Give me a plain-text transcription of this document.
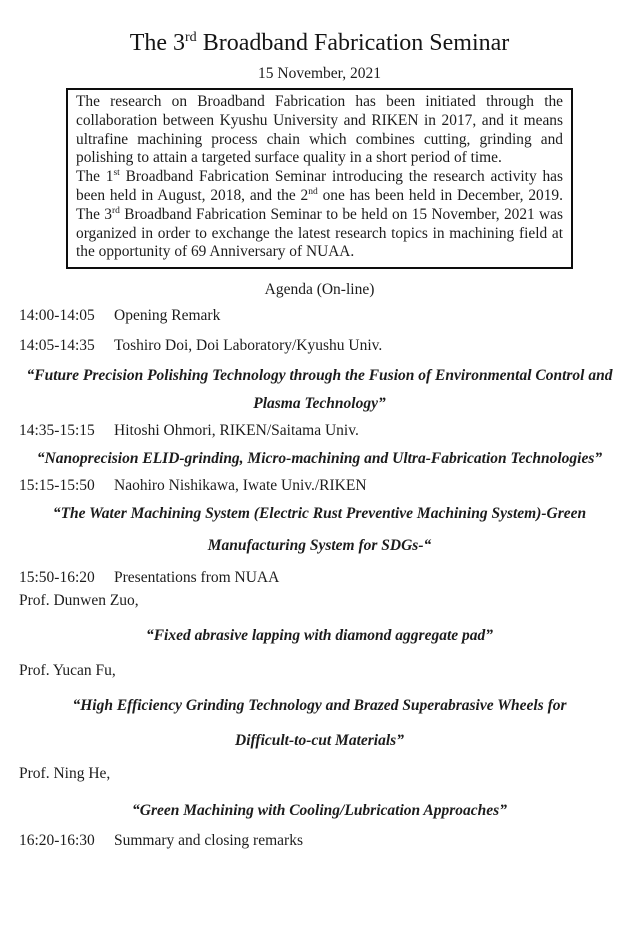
The 3rd Broadband Fabrication Seminar
15 November, 2021

The research on Broadband Fabrication has been initiated through the collaboration between Kyushu University and RIKEN in 2017, and it means ultrafine machining process chain which combines cutting, grinding and polishing to attain a targeted surface quality in a short period of time.

The 1st Broadband Fabrication Seminar introducing the research activity has been held in August, 2018, and the 2nd one has been held in December, 2019. The 3rd Broadband Fabrication Seminar to be held on 15 November, 2021 was organized in order to exchange the latest research topics in machining field at the opportunity of 69 Anniversary of NUAA.

Agenda (On-line)
14:00-14:05 Opening Remark
14:05-14:35 Toshiro Doi, Doi Laboratory/Kyushu Univ.
“Future Precision Polishing Technology through the Fusion of Environmental Control and
Plasma Technology”
14:35-15:15 Hitoshi Ohmori, RIKEN/Saitama Univ.
“Nanoprecision ELID-grinding, Micro-machining and Ultra-Fabrication Technologies”
15:15-15:50 Naohiro Nishikawa, Iwate Univ./RIKEN
“The Water Machining System (Electric Rust Preventive Machining System)-Green
Manufacturing System for SDGs-“
15:50-16:20 Presentations from NUAA
Prof. Dunwen Zuo,
“Fixed abrasive lapping with diamond aggregate pad”
Prof. Yucan Fu,
“High Efficiency Grinding Technology and Brazed Superabrasive Wheels for
Difficult-to-cut Materials”
Prof. Ning He,
“Green Machining with Cooling/Lubrication Approaches”
16:20-16:30 Summary and closing remarks
